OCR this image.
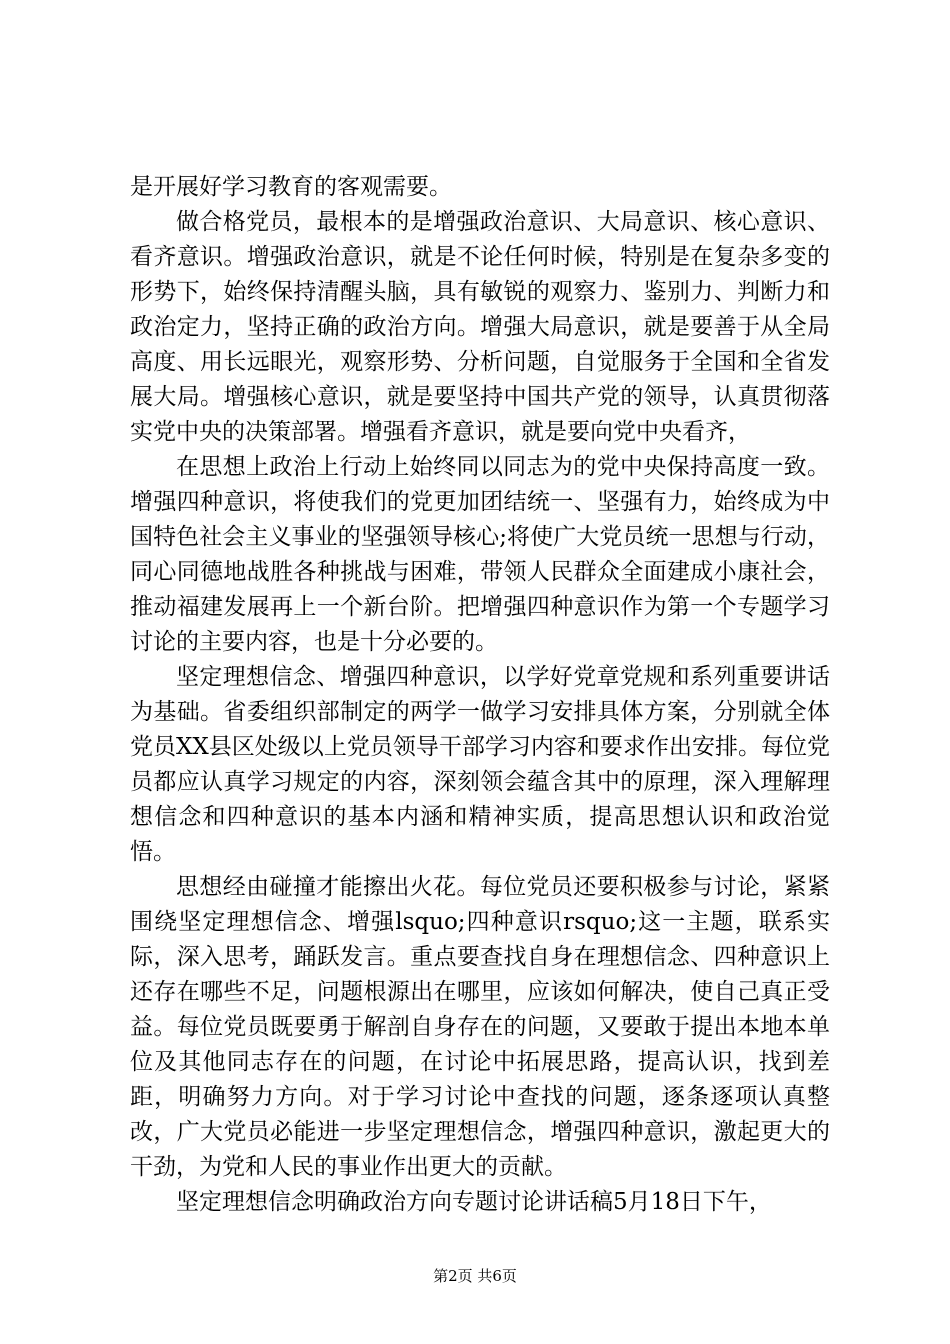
是开展好学习教育的客观需要。

做合格党员，最根本的是增强政治意识、大局意识、核心意识、看齐意识。增强政治意识，就是不论任何时候，特别是在复杂多变的形势下，始终保持清醒头脑，具有敏锐的观察力、鉴别力、判断力和政治定力，坚持正确的政治方向。增强大局意识，就是要善于从全局高度、用长远眼光，观察形势、分析问题，自觉服务于全国和全省发展大局。增强核心意识，就是要坚持中国共产党的领导，认真贯彻落实党中央的决策部署。增强看齐意识，就是要向党中央看齐，

在思想上政治上行动上始终同以同志为的党中央保持高度一致。增强四种意识，将使我们的党更加团结统一、坚强有力，始终成为中国特色社会主义事业的坚强领导核心;将使广大党员统一思想与行动，同心同德地战胜各种挑战与困难，带领人民群众全面建成小康社会，推动福建发展再上一个新台阶。把增强四种意识作为第一个专题学习讨论的主要内容，也是十分必要的。

坚定理想信念、增强四种意识，以学好党章党规和系列重要讲话为基础。省委组织部制定的两学一做学习安排具体方案，分别就全体党员XX县区处级以上党员领导干部学习内容和要求作出安排。每位党员都应认真学习规定的内容，深刻领会蕴含其中的原理，深入理解理想信念和四种意识的基本内涵和精神实质，提高思想认识和政治觉悟。

思想经由碰撞才能擦出火花。每位党员还要积极参与讨论，紧紧围绕坚定理想信念、增强lsquo;四种意识rsquo;这一主题，联系实际，深入思考，踊跃发言。重点要查找自身在理想信念、四种意识上还存在哪些不足，问题根源出在哪里，应该如何解决，使自己真正受益。每位党员既要勇于解剖自身存在的问题，又要敢于提出本地本单位及其他同志存在的问题，在讨论中拓展思路，提高认识，找到差距，明确努力方向。对于学习讨论中查找的问题，逐条逐项认真整改，广大党员必能进一步坚定理想信念，增强四种意识，激起更大的干劲，为党和人民的事业作出更大的贡献。

坚定理想信念明确政治方向专题讨论讲话稿5月18日下午，

第2页 共6页
